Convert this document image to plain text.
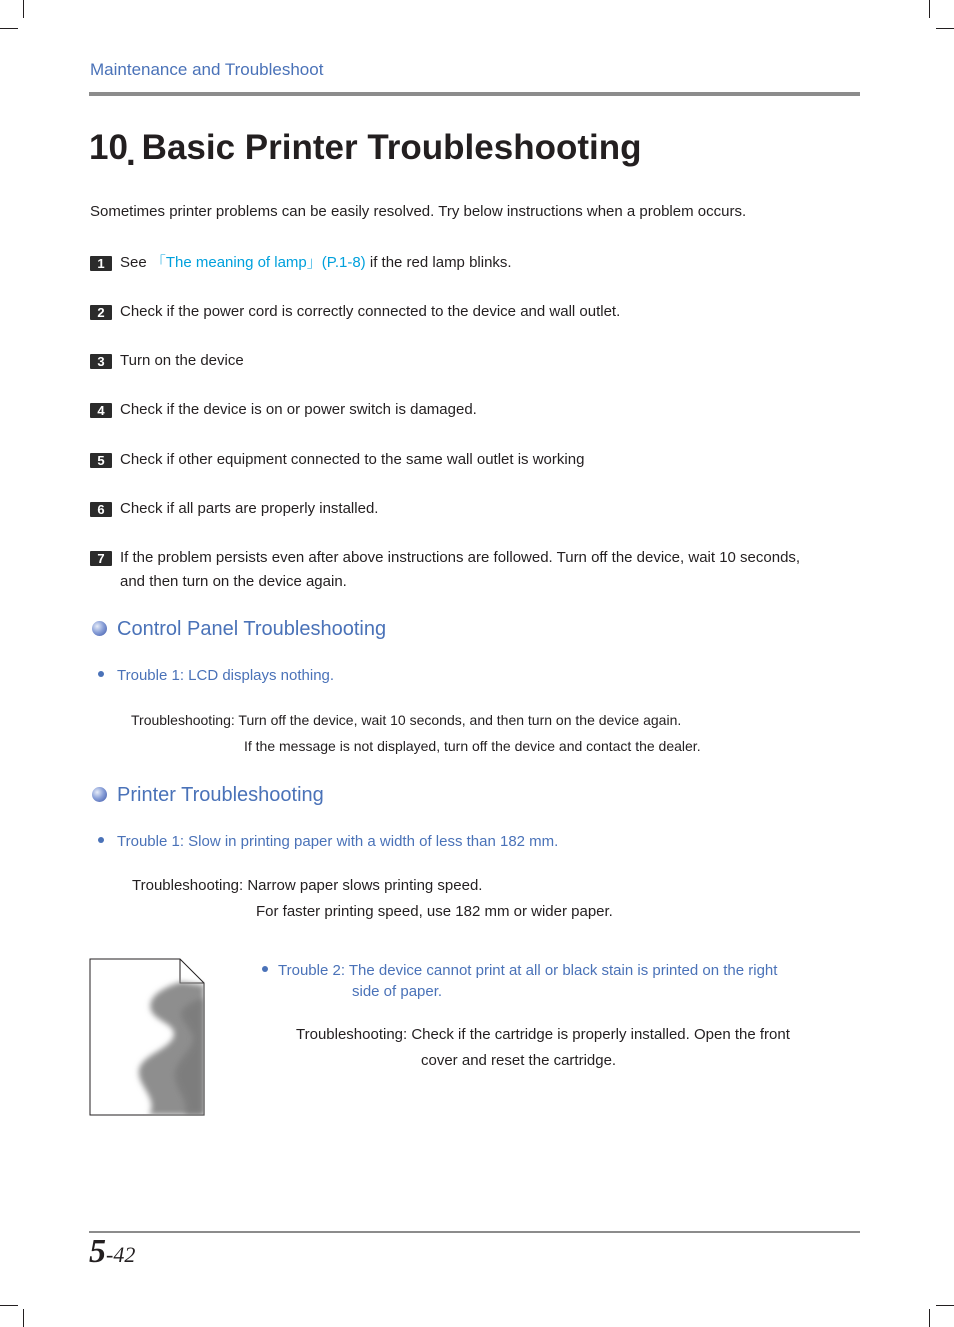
Maintenance and Troubleshoot
10. Basic Printer Troubleshooting
Sometimes printer problems can be easily resolved. Try below instructions when a problem occurs.
1	See 「The meaning of lamp」(P.1-8) if the red lamp blinks.
2	Check if the power cord is correctly connected to the device and wall outlet.
3	Turn on the device
4	Check if the device is on or power switch is damaged.
5	Check if other equipment connected to the same wall outlet is working
6	Check if all parts are properly installed.
7	If the problem persists even after above instructions are followed. Turn off the device, wait 10 seconds,
and then turn on the device again.
Control Panel Troubleshooting
Trouble 1: LCD displays nothing.
Troubleshooting: Turn off the device, wait 10 seconds, and then turn on the device again.
If the message is not displayed, turn off the device and contact the dealer.
Printer Troubleshooting
Trouble 1: Slow in printing paper with a width of less than 182 mm.
Troubleshooting: Narrow paper slows printing speed.
For faster printing speed, use 182 mm or wider paper.
Trouble 2: The device cannot print at all or black stain is printed on the right
side of paper.
Troubleshooting: Check if the cartridge is properly installed. Open the front
cover and reset the cartridge.
5-42
